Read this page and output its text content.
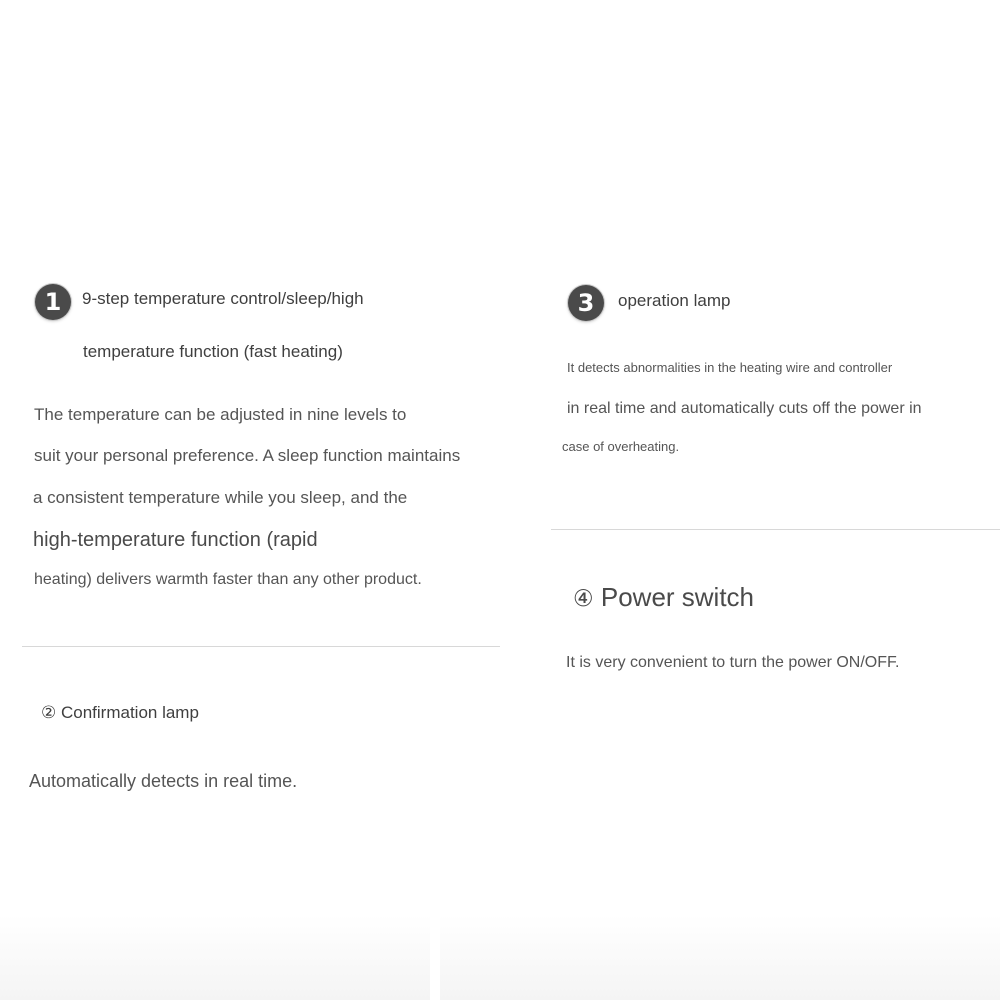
1	9-step temperature control/sleep/high
temperature function (fast heating)
The temperature can be adjusted in nine levels to
suit your personal preference. A sleep function maintains
a consistent temperature while you sleep, and the
high-temperature function (rapid
heating) delivers warmth faster than any other product.
② Confirmation lamp
Automatically detects in real time.
3	operation lamp
It detects abnormalities in the heating wire and controller
in real time and automatically cuts off the power in
case of overheating.
④ Power switch
It is very convenient to turn the power ON/OFF.
